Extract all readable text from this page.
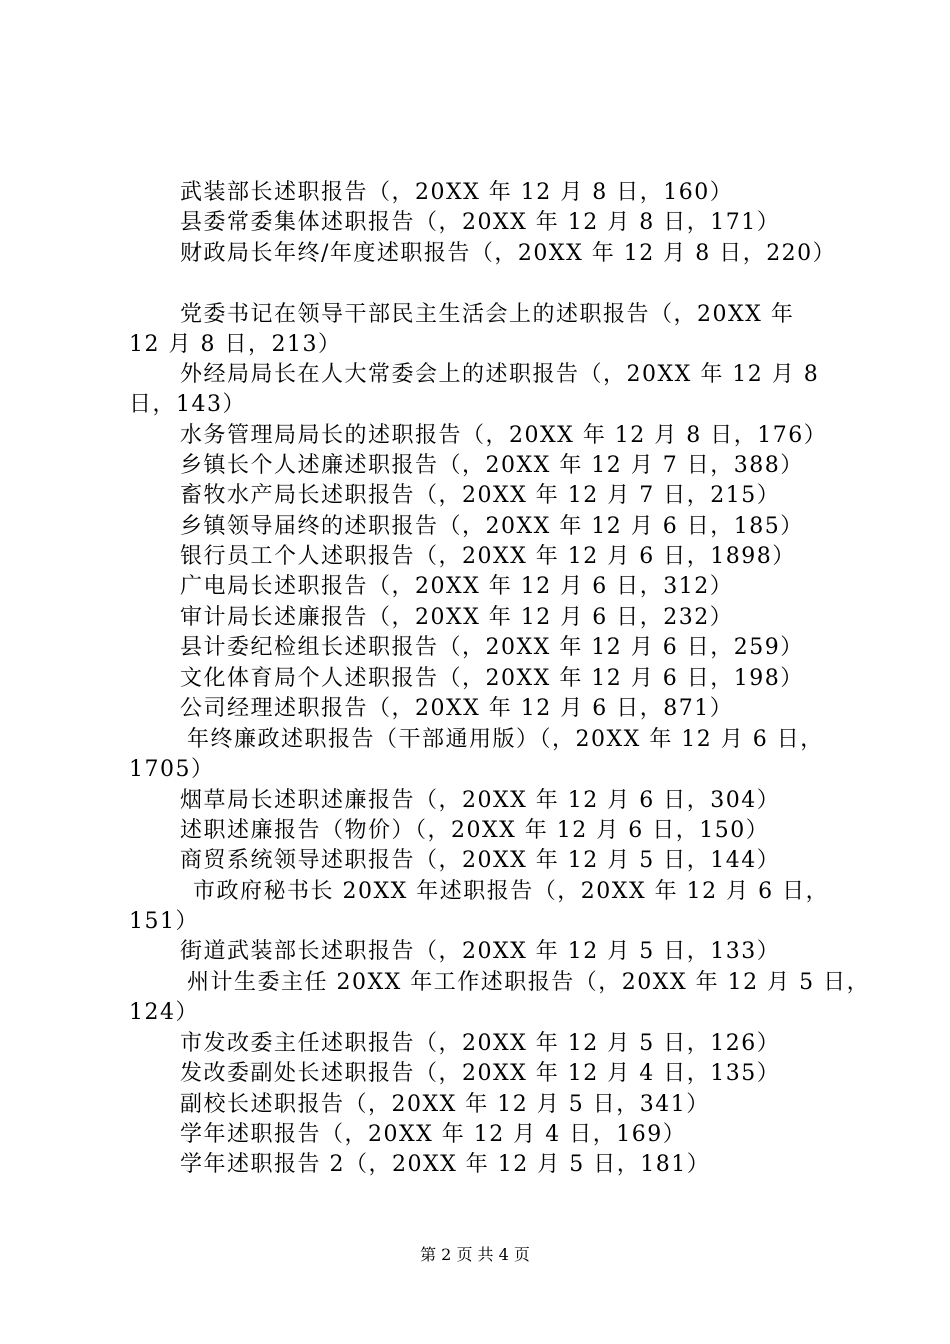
武装部长述职报告（，20XX 年 12 月 8 日，160）
县委常委集体述职报告（，20XX 年 12 月 8 日，171）
财政局长年终/年度述职报告（，20XX 年 12 月 8 日，220）
党委书记在领导干部民主生活会上的述职报告（，20XX 年
12 月 8 日，213）
外经局局长在人大常委会上的述职报告（，20XX 年 12 月 8
日，143）
水务管理局局长的述职报告（，20XX 年 12 月 8 日，176）
乡镇长个人述廉述职报告（，20XX 年 12 月 7 日，388）
畜牧水产局长述职报告（，20XX 年 12 月 7 日，215）
乡镇领导届终的述职报告（，20XX 年 12 月 6 日，185）
银行员工个人述职报告（，20XX 年 12 月 6 日，1898）
广电局长述职报告（，20XX 年 12 月 6 日，312）
审计局长述廉报告（，20XX 年 12 月 6 日，232）
县计委纪检组长述职报告（，20XX 年 12 月 6 日，259）
文化体育局个人述职报告（，20XX 年 12 月 6 日，198）
公司经理述职报告（，20XX 年 12 月 6 日，871）
年终廉政述职报告（干部通用版）（，20XX 年 12 月 6 日，
1705）
烟草局长述职述廉报告（，20XX 年 12 月 6 日，304）
述职述廉报告（物价）（，20XX 年 12 月 6 日，150）
商贸系统领导述职报告（，20XX 年 12 月 5 日，144）
市政府秘书长 20XX 年述职报告（，20XX 年 12 月 6 日，
151）
街道武装部长述职报告（，20XX 年 12 月 5 日，133）
州计生委主任 20XX 年工作述职报告（，20XX 年 12 月 5 日，
124）
市发改委主任述职报告（，20XX 年 12 月 5 日，126）
发改委副处长述职报告（，20XX 年 12 月 4 日，135）
副校长述职报告（，20XX 年 12 月 5 日，341）
学年述职报告（，20XX 年 12 月 4 日，169）
学年述职报告 2（，20XX 年 12 月 5 日，181）
第 2 页 共 4 页
